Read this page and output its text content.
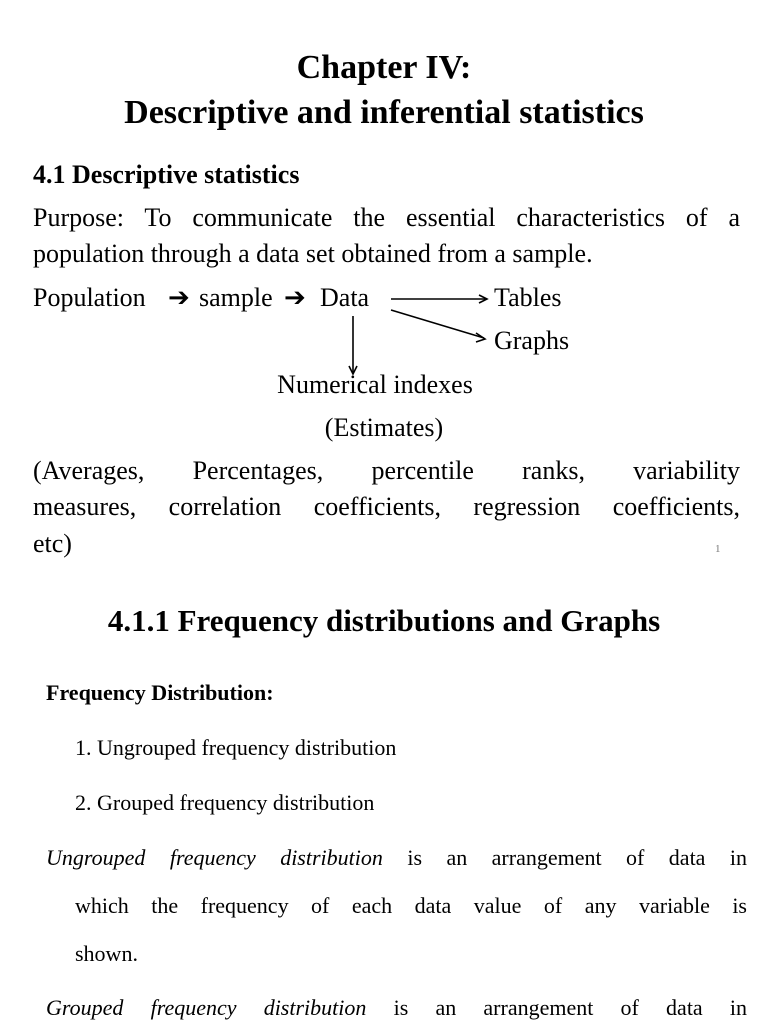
Chapter IV:
Descriptive and inferential statistics
4.1 Descriptive statistics
Purpose: To communicate the essential characteristics of a
population through a data set obtained from a sample.
Population ➔ sample ➔ Data	Tables
Graphs
Numerical indexes
(Estimates)
(Averages, Percentages, percentile ranks, variability
measures, correlation coefficients, regression coefficients,
etc)	1
4.1.1 Frequency distributions and Graphs
Frequency Distribution:
1. Ungrouped frequency distribution
2. Grouped frequency distribution
Ungrouped frequency distribution is an arrangement of data in
which the frequency of each data value of any variable is
shown.
Grouped frequency distribution is an arrangement of data in
